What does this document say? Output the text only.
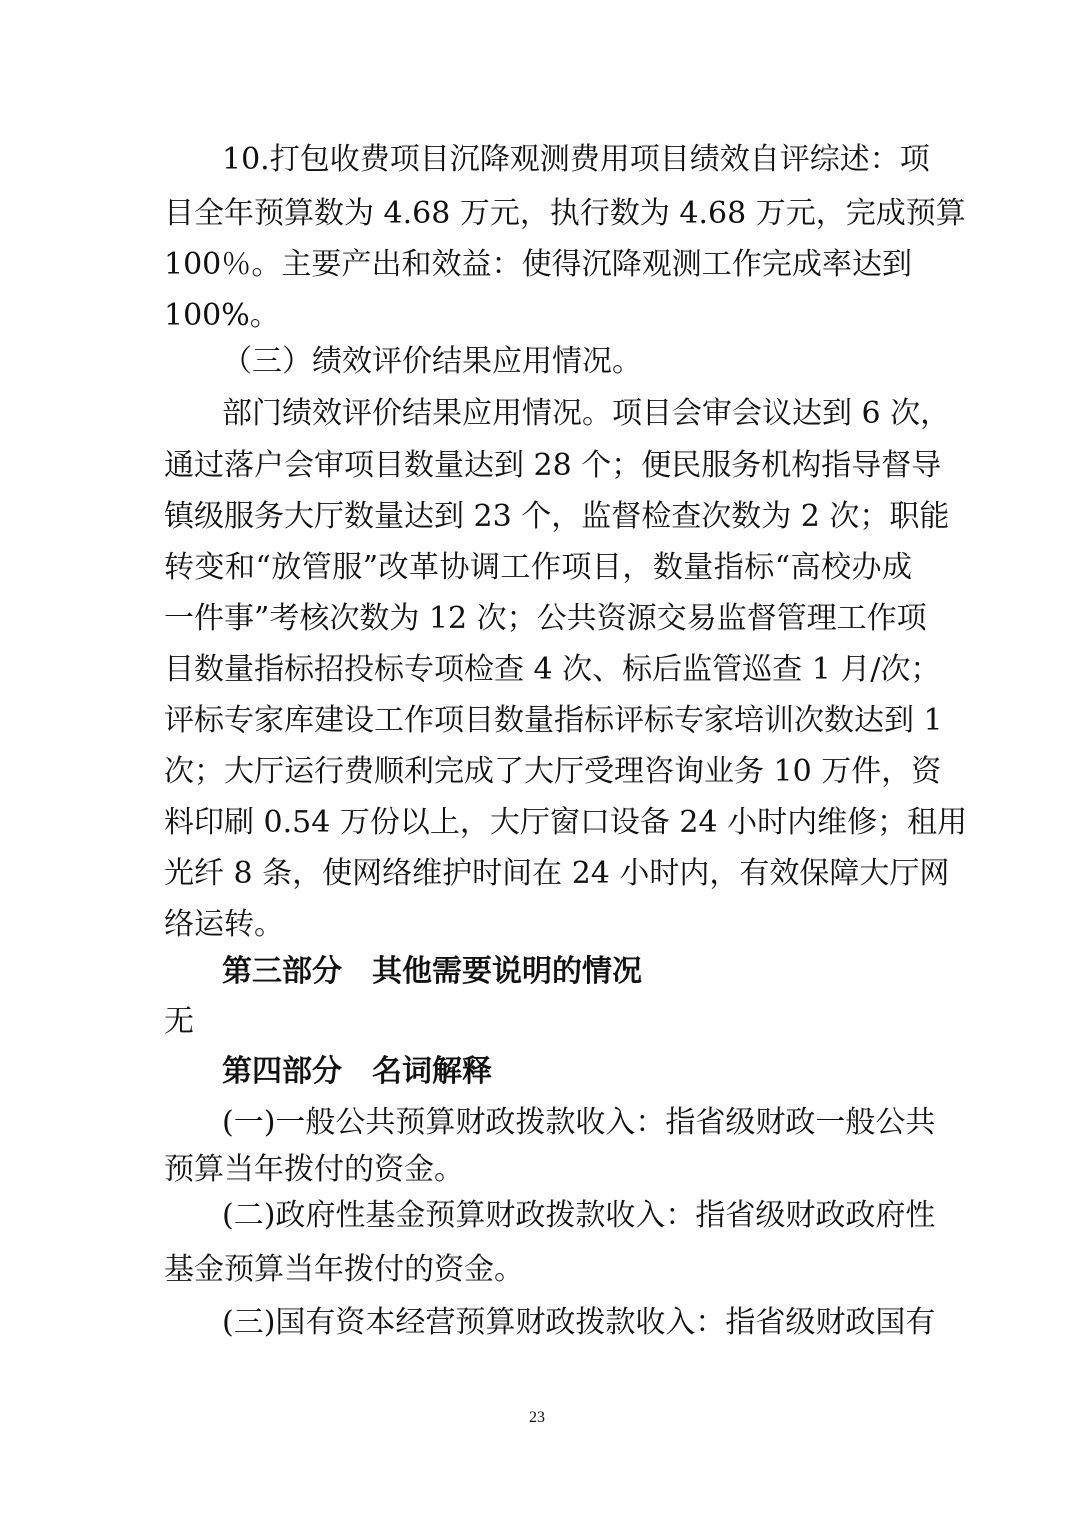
10.打包收费项目沉降观测费用项目绩效自评综述：项
目全年预算数为 4.68 万元，执行数为 4.68 万元，完成预算
100％。主要产出和效益：使得沉降观测工作完成率达到
100%。
（三）绩效评价结果应用情况。
部门绩效评价结果应用情况。项目会审会议达到 6 次，
通过落户会审项目数量达到 28 个；便民服务机构指导督导
镇级服务大厅数量达到 23 个，监督检查次数为 2 次；职能
转变和“放管服”改革协调工作项目，数量指标“高校办成
一件事”考核次数为 12 次；公共资源交易监督管理工作项
目数量指标招投标专项检查 4 次、标后监管巡查 1 月/次；
评标专家库建设工作项目数量指标评标专家培训次数达到 1
次；大厅运行费顺利完成了大厅受理咨询业务 10 万件，资
料印刷 0.54 万份以上，大厅窗口设备 24 小时内维修；租用
光纤 8 条，使网络维护时间在 24 小时内，有效保障大厅网
络运转。
第三部分　其他需要说明的情况
无
第四部分　名词解释
(一)一般公共预算财政拨款收入：指省级财政一般公共
预算当年拨付的资金。
(二)政府性基金预算财政拨款收入：指省级财政政府性
基金预算当年拨付的资金。
(三)国有资本经营预算财政拨款收入：指省级财政国有
23
